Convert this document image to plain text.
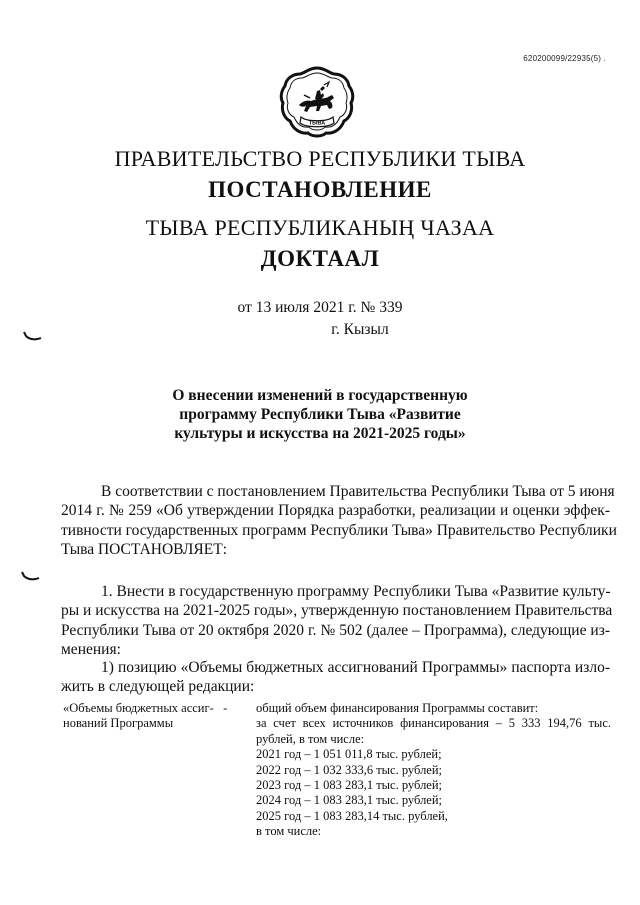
620200099/22935(5) .
ТЫВА
ПРАВИТЕЛЬСТВО РЕСПУБЛИКИ ТЫВА
ПОСТАНОВЛЕНИЕ
ТЫВА РЕСПУБЛИКАНЫҢ ЧАЗАА
ДОКТААЛ
от 13 июля 2021 г. № 339
г. Кызыл
О внесении изменений в государственную
программу Республики Тыва «Развитие
культуры и искусства на 2021-2025 годы»
В соответствии с постановлением Правительства Республики Тыва от 5 июня
2014 г. № 259 «Об утверждении Порядка разработки, реализации и оценки эффек-
тивности государственных программ Республики Тыва» Правительство Республики
Тыва ПОСТАНОВЛЯЕТ:
1. Внести в государственную программу Республики Тыва «Развитие культу-
ры и искусства на 2021-2025 годы», утвержденную постановлением Правительства
Республики Тыва от 20 октября 2020 г. № 502 (далее – Программа), следующие из-
менения:
1) позицию «Объемы бюджетных ассигнований Программы» паспорта изло-
жить в следующей редакции:
«Объемы бюджетных ассиг-   -
нований Программы
общий объем финансирования Программы составит:
за счет всех источников финансирования – 5 333 194,76 тыс.
рублей, в том числе:
2021 год – 1 051 011,8 тыс. рублей;
2022 год – 1 032 333,6 тыс. рублей;
2023 год – 1 083 283,1 тыс. рублей;
2024 год – 1 083 283,1 тыс. рублей;
2025 год – 1 083 283,14 тыс. рублей,
в том числе:
